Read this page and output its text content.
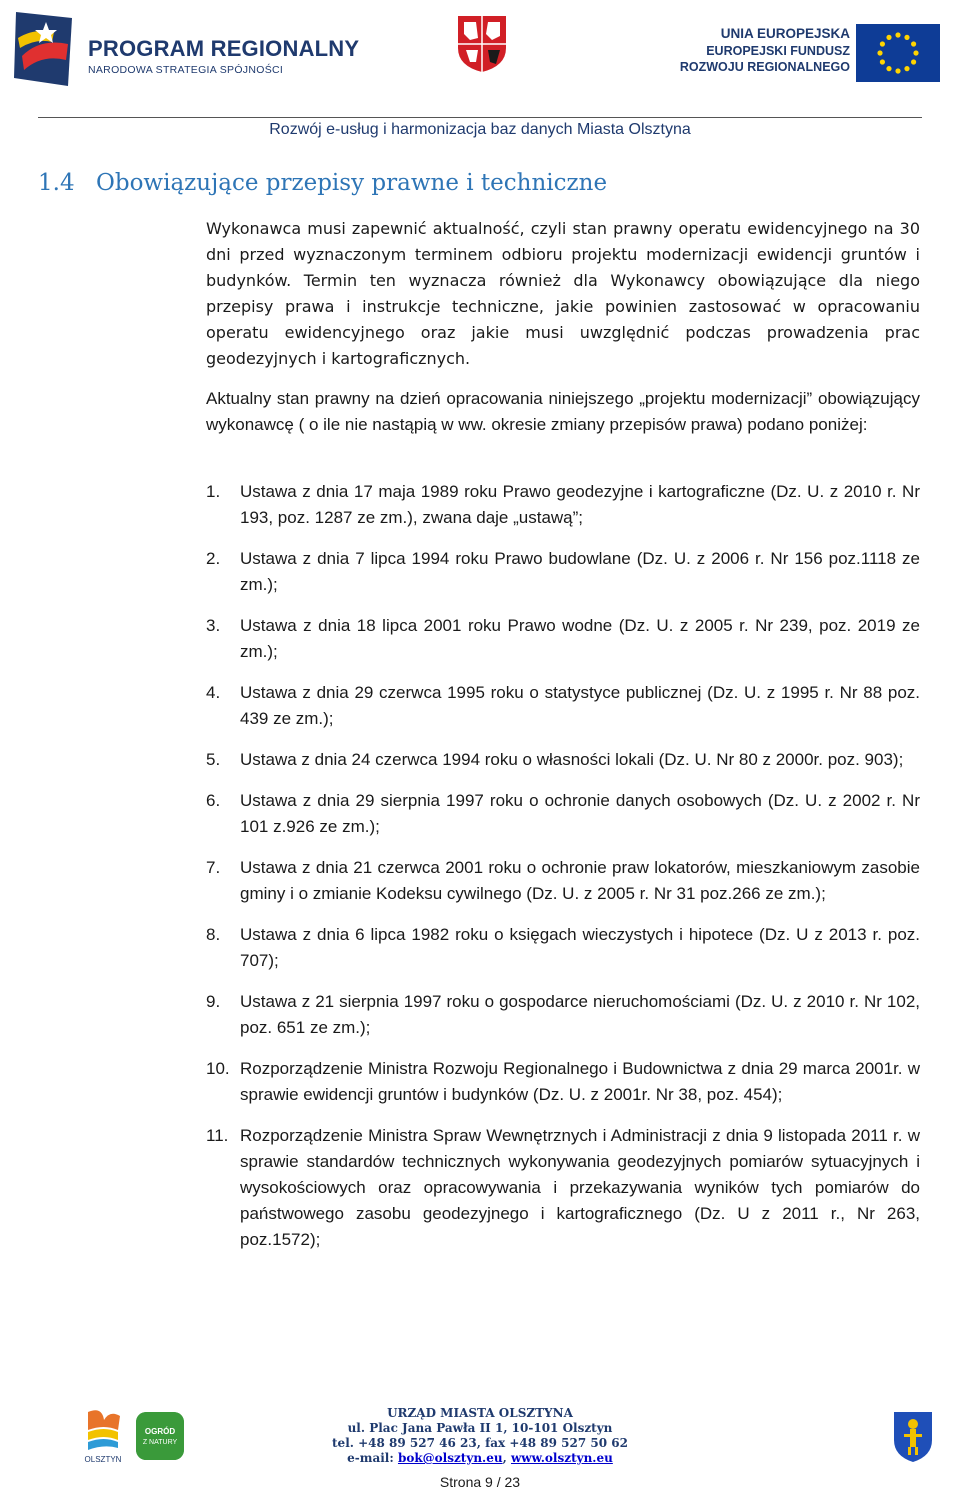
PROGRAM REGIONALNY
NARODOWA STRATEGIA SPÓJNOŚCI
UNIA EUROPEJSKA
EUROPEJSKI FUNDUSZ
ROZWOJU REGIONALNEGO
Rozwój e-usług i harmonizacja baz danych Miasta Olsztyna
1.4 Obowiązujące przepisy prawne i techniczne
Wykonawca musi zapewnić aktualność, czyli stan prawny operatu ewidencyjnego na 30 dni przed wyznaczonym terminem odbioru projektu modernizacji ewidencji gruntów i budynków. Termin ten wyznacza również dla Wykonawcy obowiązujące dla niego przepisy prawa i instrukcje techniczne, jakie powinien zastosować w opracowaniu operatu ewidencyjnego oraz jakie musi uwzględnić podczas prowadzenia prac geodezyjnych i kartograficznych.
Aktualny stan prawny na dzień opracowania niniejszego „projektu modernizacji” obowiązujący wykonawcę ( o ile nie nastąpią w ww. okresie zmiany przepisów prawa) podano poniżej:
1. Ustawa z dnia 17 maja 1989 roku Prawo geodezyjne i kartograficzne (Dz. U. z 2010 r. Nr 193, poz. 1287 ze zm.), zwana daje „ustawą”;
2. Ustawa z dnia 7 lipca 1994 roku Prawo budowlane (Dz. U. z 2006 r. Nr 156 poz.1118 ze zm.);
3. Ustawa z dnia 18 lipca 2001 roku Prawo wodne (Dz. U. z 2005 r. Nr 239, poz. 2019 ze zm.);
4. Ustawa z dnia 29 czerwca 1995 roku o statystyce publicznej (Dz. U. z 1995 r. Nr 88 poz. 439 ze zm.);
5. Ustawa z dnia 24 czerwca 1994 roku o własności lokali (Dz. U. Nr 80 z 2000r. poz. 903);
6. Ustawa z dnia 29 sierpnia 1997 roku o ochronie danych osobowych (Dz. U. z 2002 r. Nr 101 z.926 ze zm.);
7. Ustawa z dnia 21 czerwca 2001 roku o ochronie praw lokatorów, mieszkaniowym zasobie gminy i o zmianie Kodeksu cywilnego (Dz. U. z 2005 r. Nr 31 poz.266 ze zm.);
8. Ustawa z dnia 6 lipca 1982 roku o księgach wieczystych i hipotece (Dz. U z 2013 r. poz. 707);
9. Ustawa z 21 sierpnia 1997 roku o gospodarce nieruchomościami (Dz. U. z 2010 r. Nr 102, poz. 651 ze zm.);
10. Rozporządzenie Ministra Rozwoju Regionalnego i Budownictwa z dnia 29 marca 2001r. w sprawie ewidencji gruntów i budynków (Dz. U. z 2001r. Nr 38, poz. 454);
11. Rozporządzenie Ministra Spraw Wewnętrznych i Administracji z dnia 9 listopada 2011 r. w sprawie standardów technicznych wykonywania geodezyjnych pomiarów sytuacyjnych i wysokościowych oraz opracowywania i przekazywania wyników tych pomiarów do państwowego zasobu geodezyjnego i kartograficznego (Dz. U z 2011 r., Nr 263, poz.1572);
OLSZTYN
OGRÓD
Z NATURY
URZĄD MIASTA OLSZTYNA
ul. Plac Jana Pawła II 1, 10-101 Olsztyn
tel. +48 89 527 46 23, fax +48 89 527 50 62
e-mail: bok@olsztyn.eu, www.olsztyn.eu
Strona 9 / 23
